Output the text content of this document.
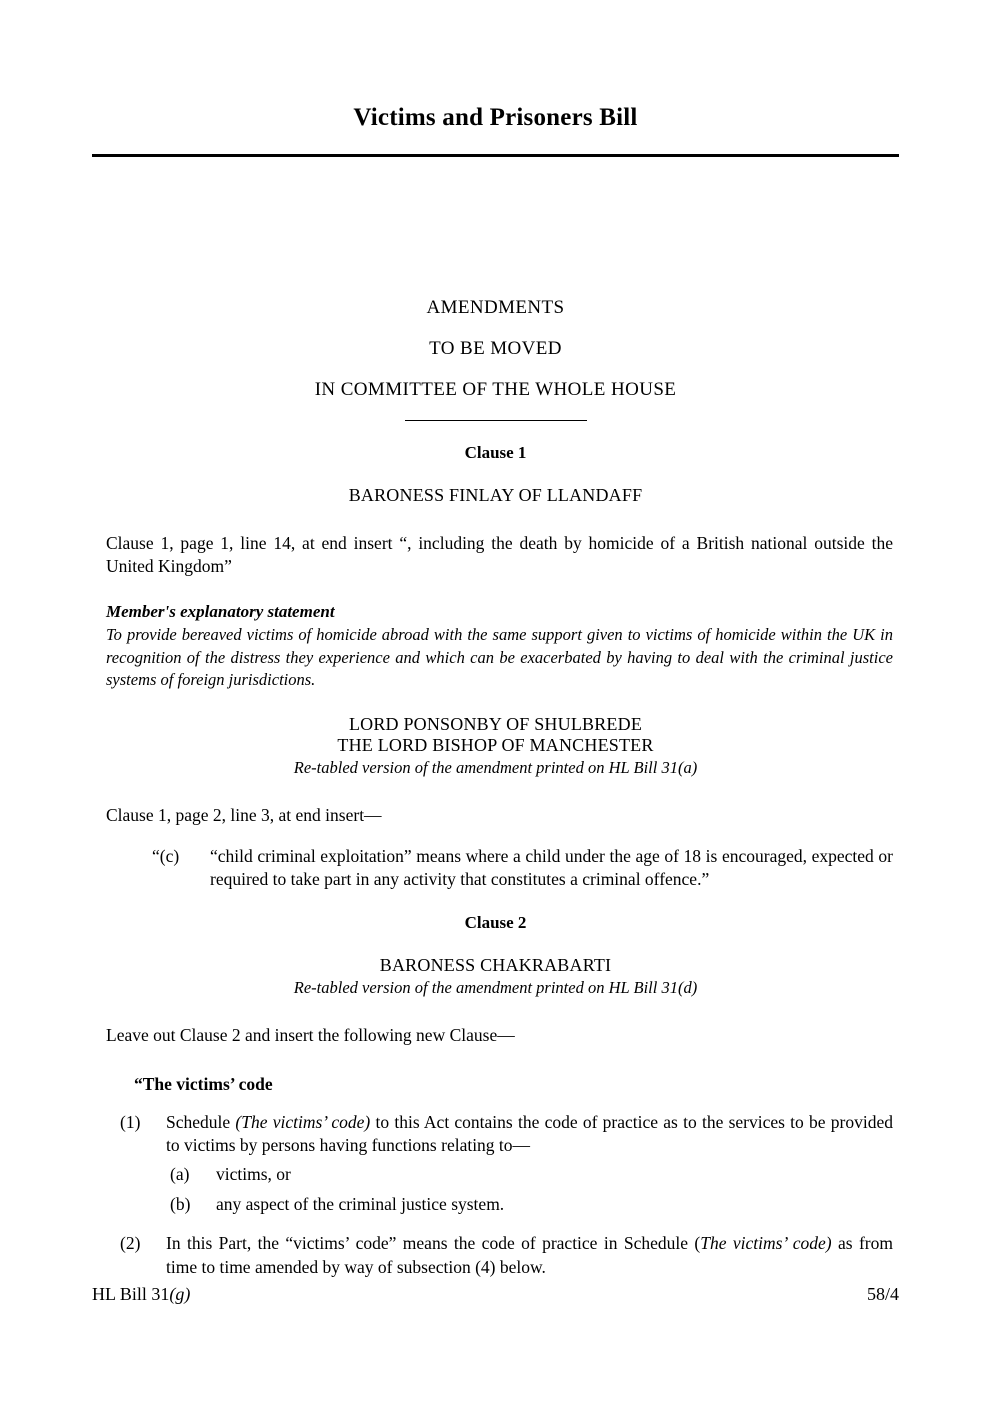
Victims and Prisoners Bill
AMENDMENTS
TO BE MOVED
IN COMMITTEE OF THE WHOLE HOUSE
Clause 1
BARONESS FINLAY OF LLANDAFF
Clause 1, page 1, line 14, at end insert “, including the death by homicide of a British national outside the United Kingdom”
Member's explanatory statement
To provide bereaved victims of homicide abroad with the same support given to victims of homicide within the UK in recognition of the distress they experience and which can be exacerbated by having to deal with the criminal justice systems of foreign jurisdictions.
LORD PONSONBY OF SHULBREDE
THE LORD BISHOP OF MANCHESTER
Re-tabled version of the amendment printed on HL Bill 31(a)
Clause 1, page 2, line 3, at end insert—
“(c)	“child criminal exploitation” means where a child under the age of 18 is encouraged, expected or required to take part in any activity that constitutes a criminal offence.”
Clause 2
BARONESS CHAKRABARTI
Re-tabled version of the amendment printed on HL Bill 31(d)
Leave out Clause 2 and insert the following new Clause—
“The victims’ code
(1)	Schedule (The victims’ code) to this Act contains the code of practice as to the services to be provided to victims by persons having functions relating to—
(a)	victims, or
(b)	any aspect of the criminal justice system.
(2)	In this Part, the “victims’ code” means the code of practice in Schedule (The victims’ code) as from time to time amended by way of subsection (4) below.
HL Bill 31(g)	58/4
